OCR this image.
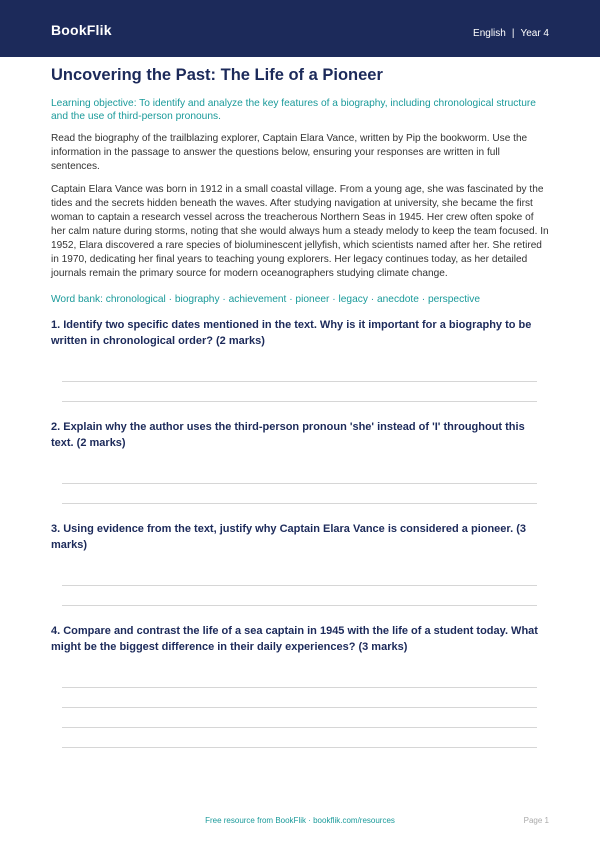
BookFlik	English | Year 4
Uncovering the Past: The Life of a Pioneer

Learning objective: To identify and analyze the key features of a biography, including chronological structure and the use of third-person pronouns.

Read the biography of the trailblazing explorer, Captain Elara Vance, written by Pip the bookworm. Use the information in the passage to answer the questions below, ensuring your responses are written in full sentences.

Captain Elara Vance was born in 1912 in a small coastal village. From a young age, she was fascinated by the tides and the secrets hidden beneath the waves. After studying navigation at university, she became the first woman to captain a research vessel across the treacherous Northern Seas in 1945. Her crew often spoke of her calm nature during storms, noting that she would always hum a steady melody to keep the team focused. In 1952, Elara discovered a rare species of bioluminescent jellyfish, which scientists named after her. She retired in 1970, dedicating her final years to teaching young explorers. Her legacy continues today, as her detailed journals remain the primary source for modern oceanographers studying climate change.

Word bank: chronological · biography · achievement · pioneer · legacy · anecdote · perspective

1. Identify two specific dates mentioned in the text. Why is it important for a biography to be written in chronological order? (2 marks)
2. Explain why the author uses the third-person pronoun 'she' instead of 'I' throughout this text. (2 marks)
3. Using evidence from the text, justify why Captain Elara Vance is considered a pioneer. (3 marks)
4. Compare and contrast the life of a sea captain in 1945 with the life of a student today. What might be the biggest difference in their daily experiences? (3 marks)
Free resource from BookFlik · bookflik.com/resources	Page 1
